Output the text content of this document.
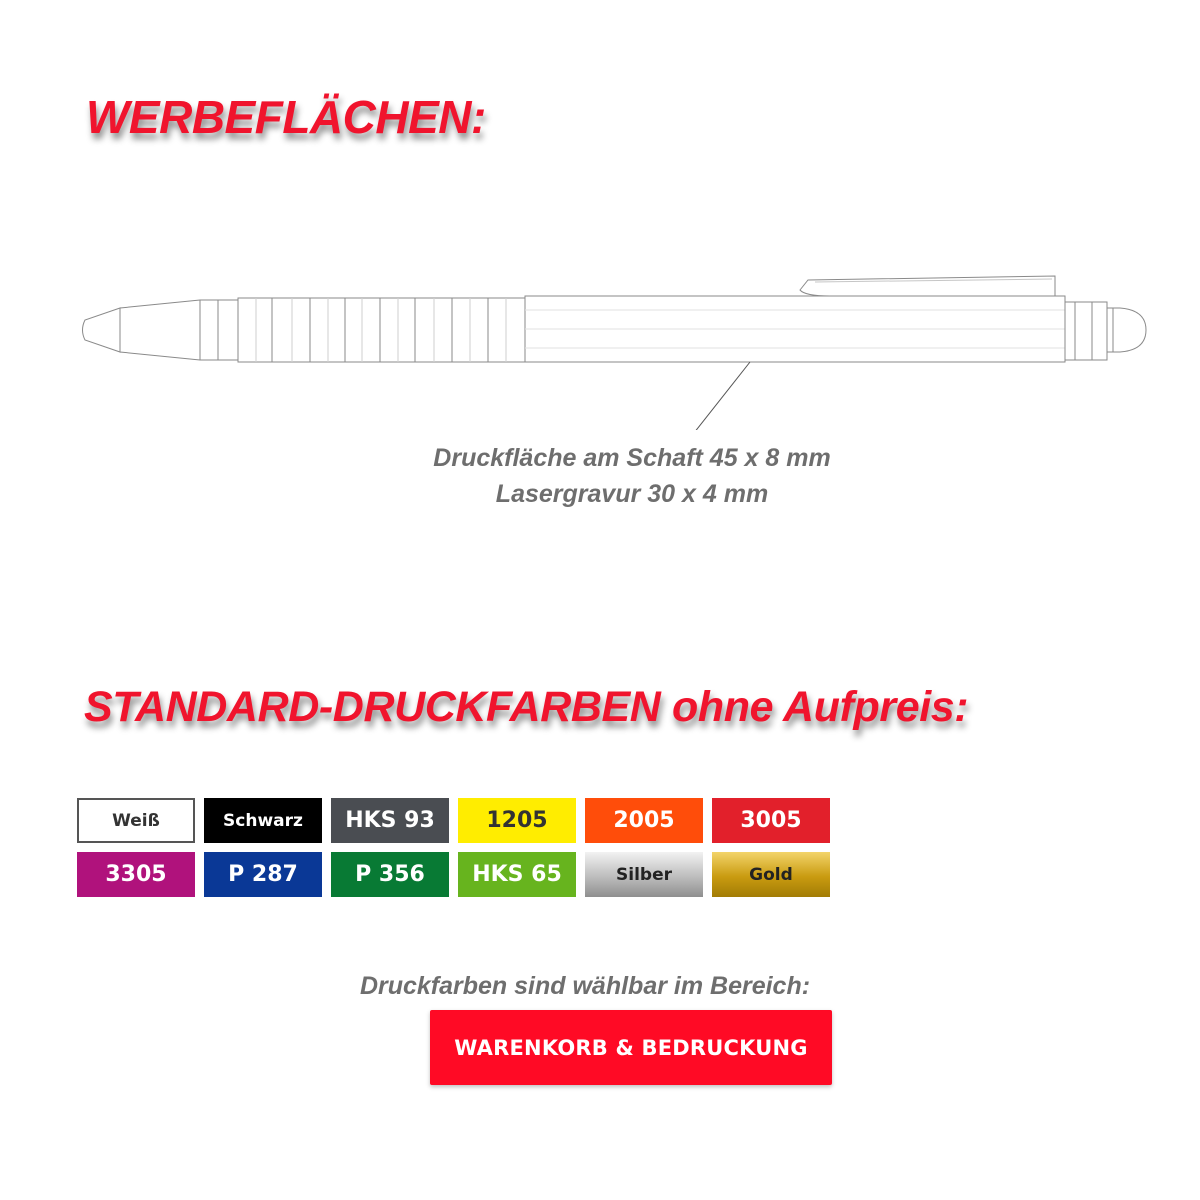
WERBEFLÄCHEN:
Druckfläche am Schaft 45 x 8 mm
Lasergravur 30 x 4 mm
STANDARD-DRUCKFARBEN ohne Aufpreis:
Weiß	Schwarz	HKS 93	1205	2005	3005
3305	P 287	P 356	HKS 65	Silber	Gold
Druckfarben sind wählbar im Bereich:
WARENKORB & BEDRUCKUNG
